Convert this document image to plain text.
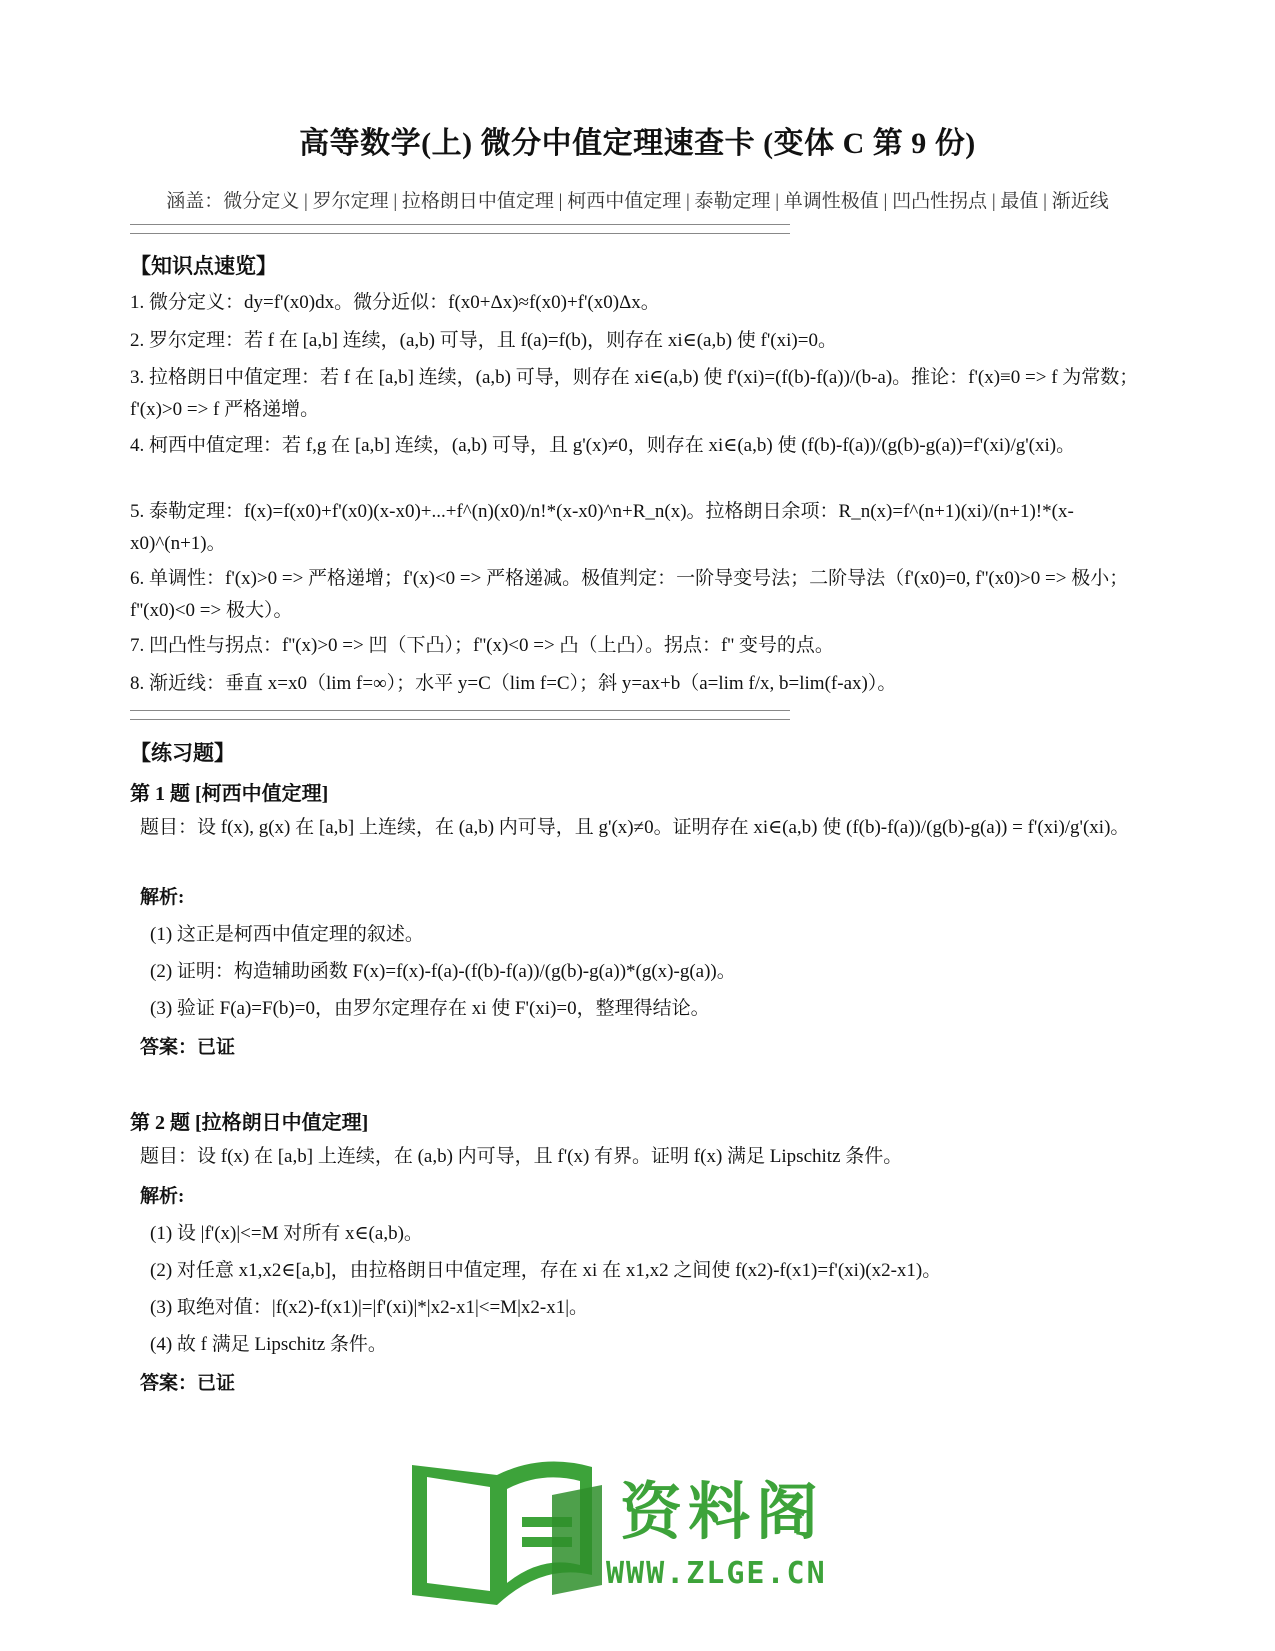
高等数学(上) 微分中值定理速查卡 (变体 C 第 9 份)
涵盖：微分定义 | 罗尔定理 | 拉格朗日中值定理 | 柯西中值定理 | 泰勒定理 | 单调性极值 | 凹凸性拐点 | 最值 | 渐近线
【知识点速览】
1. 微分定义：dy=f'(x0)dx。微分近似：f(x0+Δx)≈f(x0)+f'(x0)Δx。
2. 罗尔定理：若 f 在 [a,b] 连续，(a,b) 可导，且 f(a)=f(b)，则存在 xi∈(a,b) 使 f'(xi)=0。
3. 拉格朗日中值定理：若 f 在 [a,b] 连续，(a,b) 可导，则存在 xi∈(a,b) 使 f'(xi)=(f(b)-f(a))/(b-a)。推论：f'(x)≡0 => f 为常数；f'(x)>0 => f 严格递增。
4. 柯西中值定理：若 f,g 在 [a,b] 连续，(a,b) 可导，且 g'(x)≠0，则存在 xi∈(a,b) 使 (f(b)-f(a))/(g(b)-g(a))=f'(xi)/g'(xi)。
5. 泰勒定理：f(x)=f(x0)+f'(x0)(x-x0)+...+f^(n)(x0)/n!*(x-x0)^n+R_n(x)。拉格朗日余项：R_n(x)=f^(n+1)(xi)/(n+1)!*(x-x0)^(n+1)。
6. 单调性：f'(x)>0 => 严格递增；f'(x)<0 => 严格递减。极值判定：一阶导变号法；二阶导法（f'(x0)=0, f''(x0)>0 => 极小；f''(x0)<0 => 极大）。
7. 凹凸性与拐点：f''(x)>0 => 凹（下凸）；f''(x)<0 => 凸（上凸）。拐点：f'' 变号的点。
8. 渐近线：垂直 x=x0（lim f=∞）；水平 y=C（lim f=C）；斜 y=ax+b（a=lim f/x, b=lim(f-ax)）。
【练习题】
第 1 题 [柯西中值定理]
题目：设 f(x), g(x) 在 [a,b] 上连续，在 (a,b) 内可导，且 g'(x)≠0。证明存在 xi∈(a,b) 使 (f(b)-f(a))/(g(b)-g(a)) = f'(xi)/g'(xi)。
解析:
(1) 这正是柯西中值定理的叙述。
(2) 证明：构造辅助函数 F(x)=f(x)-f(a)-(f(b)-f(a))/(g(b)-g(a))*(g(x)-g(a))。
(3) 验证 F(a)=F(b)=0，由罗尔定理存在 xi 使 F'(xi)=0，整理得结论。
答案：已证
第 2 题 [拉格朗日中值定理]
题目：设 f(x) 在 [a,b] 上连续，在 (a,b) 内可导，且 f'(x) 有界。证明 f(x) 满足 Lipschitz 条件。
解析:
(1) 设 |f'(x)|<=M 对所有 x∈(a,b)。
(2) 对任意 x1,x2∈[a,b]，由拉格朗日中值定理，存在 xi 在 x1,x2 之间使 f(x2)-f(x1)=f'(xi)(x2-x1)。
(3) 取绝对值：|f(x2)-f(x1)|=|f'(xi)|*|x2-x1|<=M|x2-x1|。
(4) 故 f 满足 Lipschitz 条件。
答案：已证
资料阁
WWW.ZLGE.CN
